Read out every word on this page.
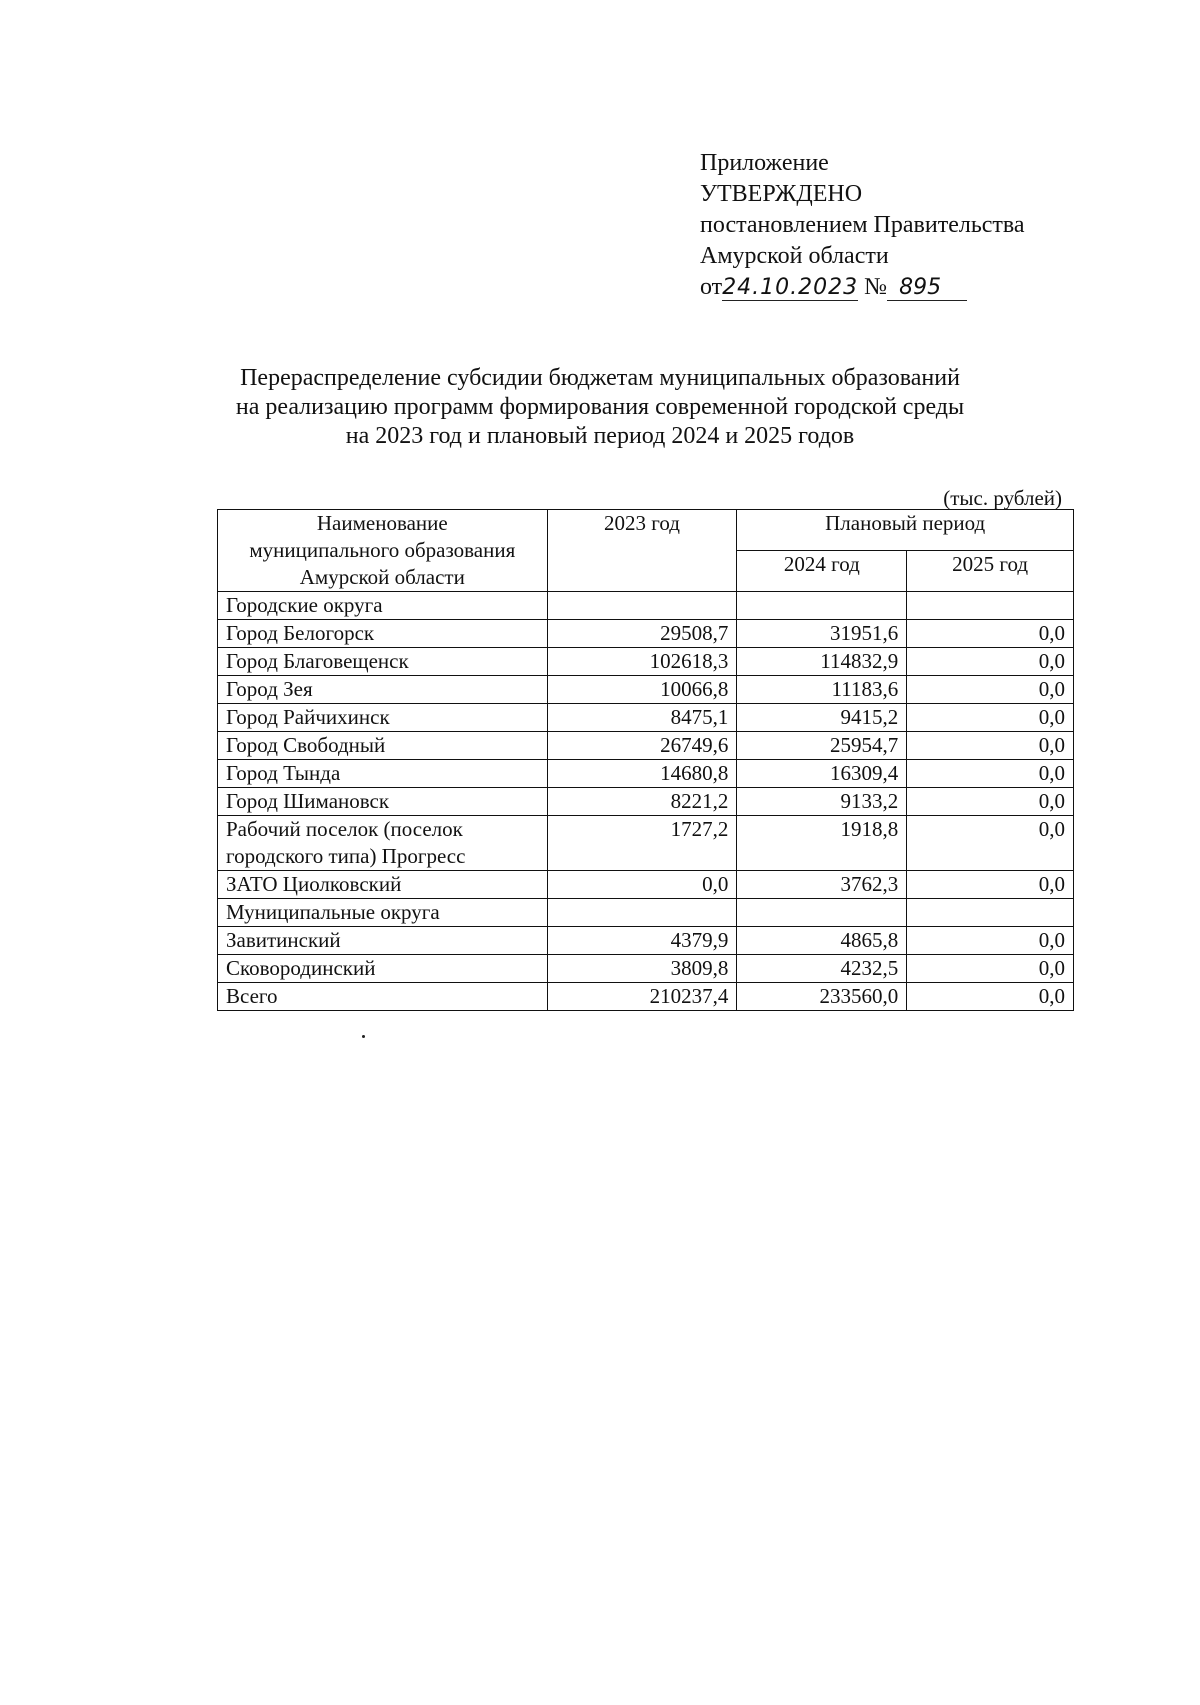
Приложение
УТВЕРЖДЕНО
постановлением Правительства
Амурской области
от24.10.2023 № 895
Перераспределение субсидии бюджетам муниципальных образований
на реализацию программ формирования современной городской среды
на 2023 год и плановый период 2024 и 2025 годов
(тыс. рублей)
Наименование
муниципального образования
Амурской области	2023 год	Плановый период	
		2024 год	2025 год

Городские округа			

Город Белогорск	29508,7	31951,6	0,0

Город Благовещенск	102618,3	114832,9	0,0

Город Зея	10066,8	11183,6	0,0

Город Райчихинск	8475,1	9415,2	0,0

Город Свободный	26749,6	25954,7	0,0

Город Тында	14680,8	16309,4	0,0

Город Шимановск	8221,2	9133,2	0,0

Рабочий поселок (поселок
городского типа) Прогресс	1727,2	1918,8	0,0

ЗАТО Циолковский	0,0	3762,3	0,0

Муниципальные округа			

Завитинский	4379,9	4865,8	0,0

Сковородинский	3809,8	4232,5	0,0

Всего	210237,4	233560,0	0,0
